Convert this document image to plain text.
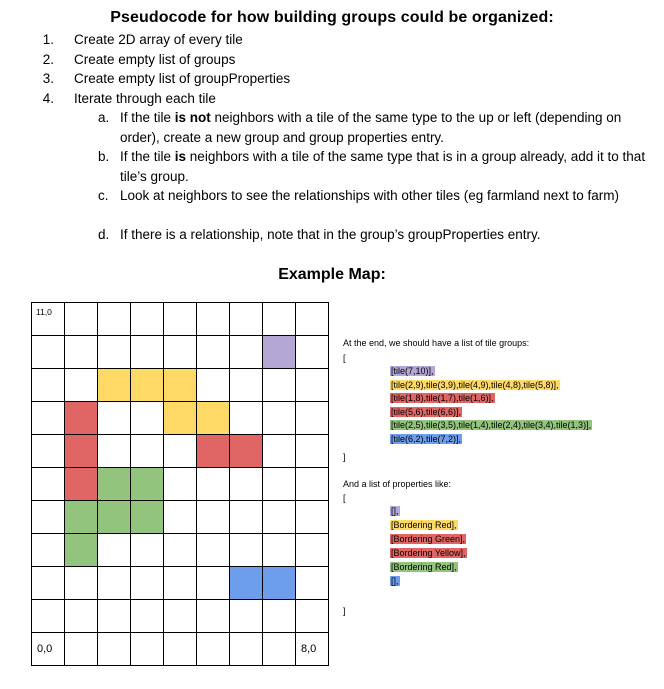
Pseudocode for how building groups could be organized:
1. Create 2D array of every tile
2. Create empty list of groups
3. Create empty list of groupProperties
4. Iterate through each tile
a. If the tile is not neighbors with a tile of the same type to the up or left (depending on order), create a new group and group properties entry.
b. If the tile is neighbors with a tile of the same type that is in a group already, add it to that tile’s group.
c. Look at neighbors to see the relationships with other tiles (eg farmland next to farm)
d. If there is a relationship, note that in the group’s groupProperties entry.
Example Map:
11,0
0,0	8,0
At the end, we should have a list of tile groups:
[
[tile(7,10)],
[tile(2,9),tile(3,9),tile(4,9),tile(4,8),tile(5,8)],
[tile(1,8),tile(1,7),tile(1,6)],
[tile(5,6),tile(6,6)],
[tile(2,5),tile(3,5),tile(1,4),tile(2,4),tile(3,4),tile(1,3)],
[tile(6,2),tile(7,2)],
]
And a list of properties like:
[
[],
[Bordering Red],
[Bordering Green],
[Bordering Yellow],
[Bordering Red],
[],
]
